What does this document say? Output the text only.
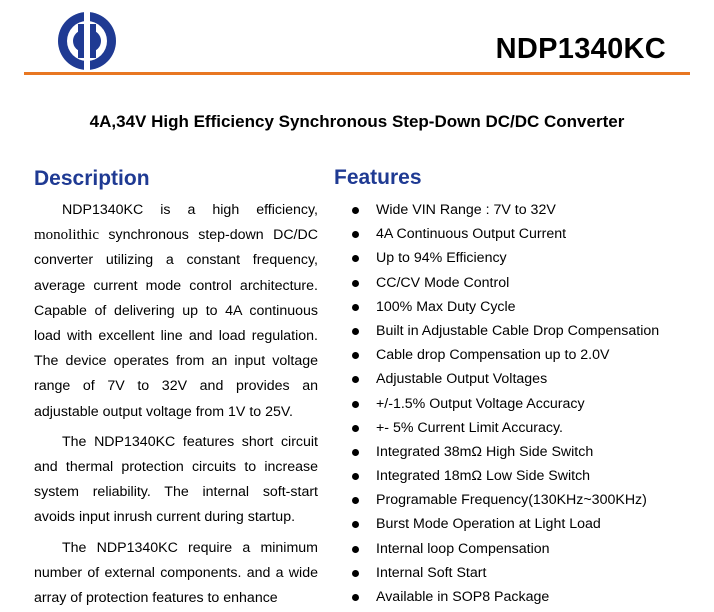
NDP1340KC
4A,34V High Efficiency Synchronous Step-Down DC/DC Converter
Description	Features

NDP1340KC is a high efficiency, monolithic synchronous step-down DC/DC converter utilizing a constant frequency, average current mode control architecture. Capable of delivering up to 4A continuous load with excellent line and load regulation. The device operates from an input voltage range of 7V to 32V and provides an adjustable output voltage from 1V to 25V.

The NDP1340KC features short circuit and thermal protection circuits to increase system reliability. The internal soft-start avoids input inrush current during startup.

The NDP1340KC require a minimum number of external components. and a wide array of protection features to enhance

Wide VIN Range : 7V to 32V
4A Continuous Output Current
Up to 94% Efficiency
CC/CV Mode Control
100% Max Duty Cycle
Built in Adjustable Cable Drop Compensation
Cable drop Compensation up to 2.0V
Adjustable Output Voltages
+/-1.5% Output Voltage Accuracy
+- 5% Current Limit Accuracy.
Integrated 38mΩ High Side Switch
Integrated 18mΩ Low Side Switch
Programable Frequency(130KHz~300KHz)
Burst Mode Operation at Light Load
Internal loop Compensation
Internal Soft Start
Available in SOP8 Package
